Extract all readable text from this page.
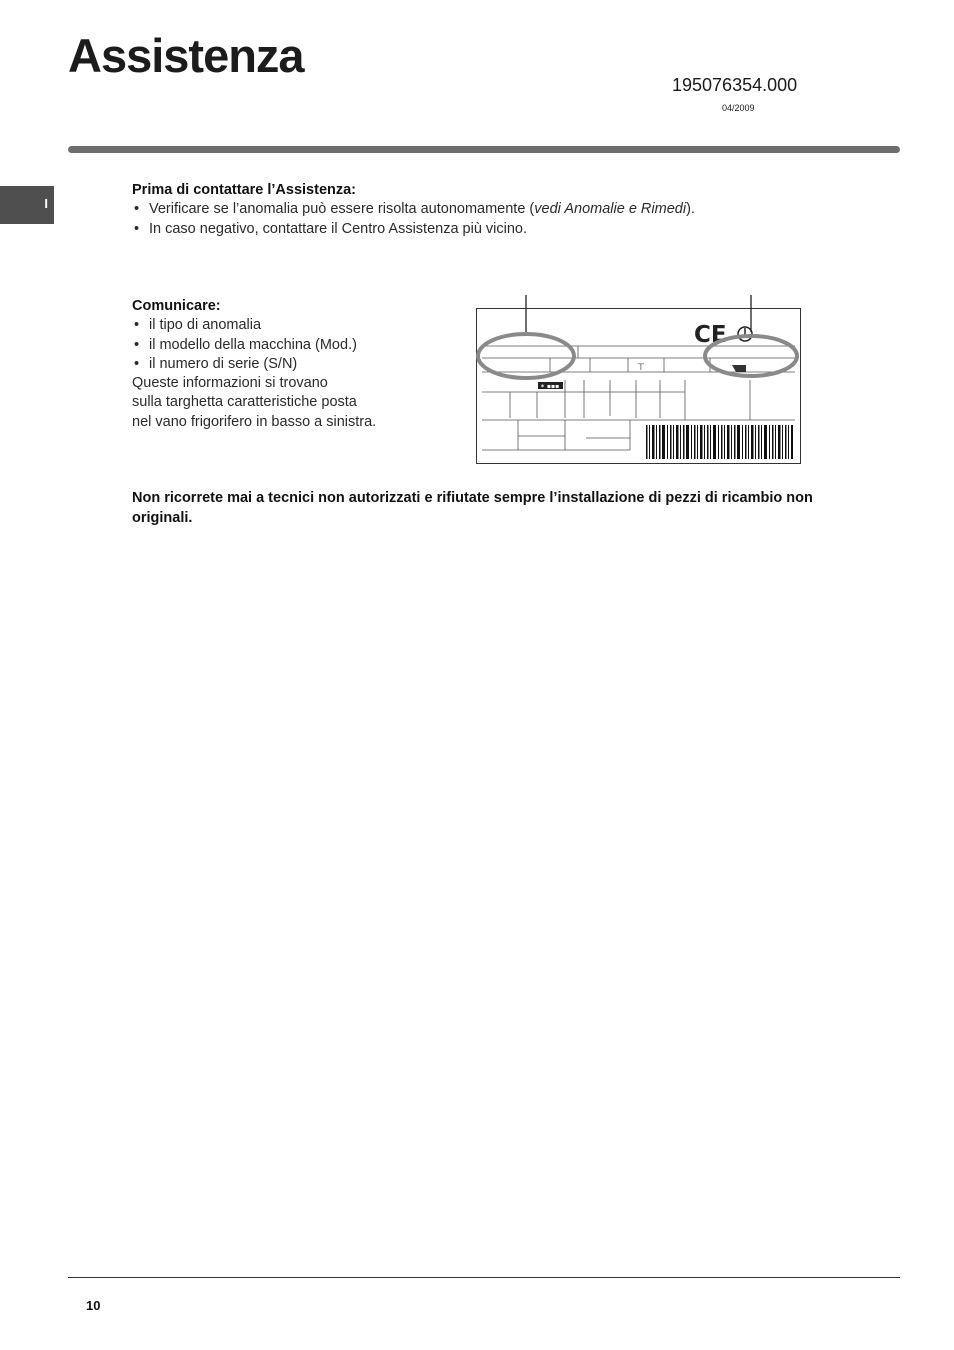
Assistenza
195076354.000
04/2009
I
Prima di contattare l’Assistenza:
• Verificare se l’anomalia può essere risolta autonomamente (vedi Anomalie e Rimedi).
• In caso negativo, contattare il Centro Assistenza più vicino.
Comunicare:
• il tipo di anomalia
• il modello della macchina (Mod.)
• il numero di serie (S/N)
Queste informazioni si trovano
sulla targhetta caratteristiche posta
nel vano frigorifero in basso a sinistra.
✶ ▪▪▪
⊤
CE
Non ricorrete mai a tecnici non autorizzati e rifiutate sempre l’installazione di pezzi di ricambio non originali.
10
